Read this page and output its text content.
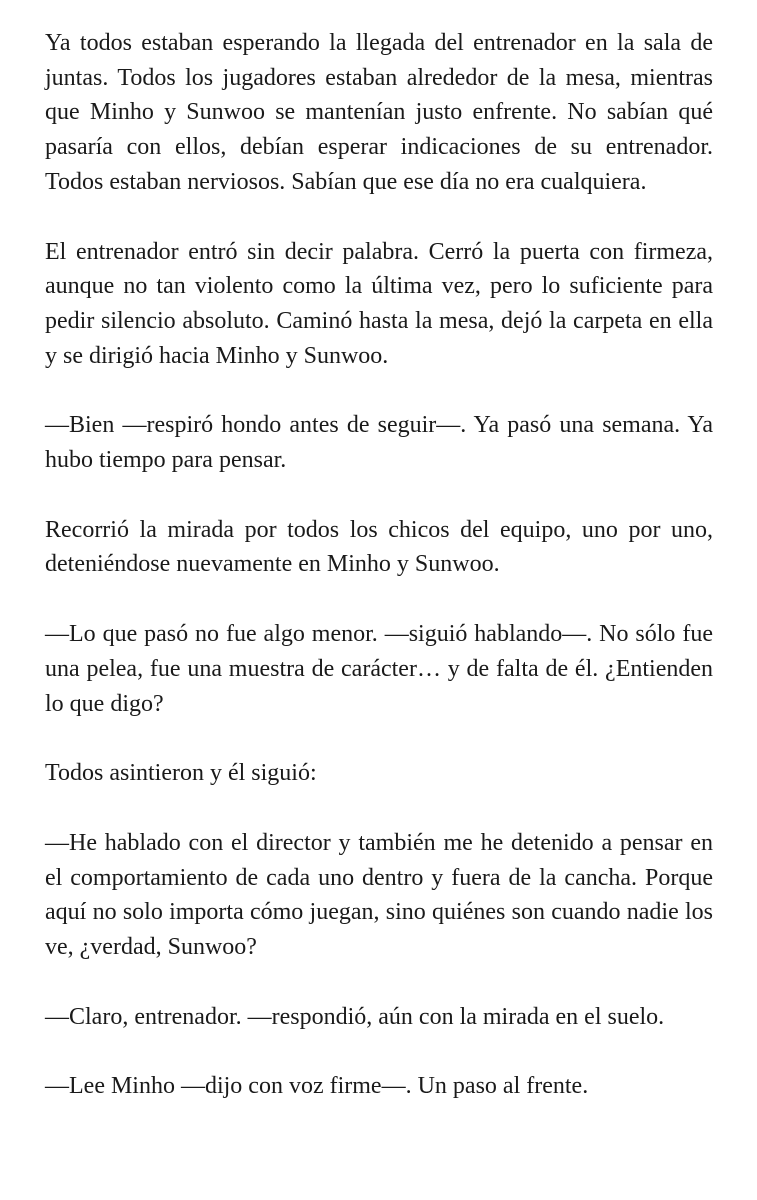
Ya todos estaban esperando la llegada del entrenador en la sala de juntas. Todos los jugadores estaban alrededor de la mesa, mientras que Minho y Sunwoo se mantenían justo enfrente. No sabían qué pasaría con ellos, debían esperar indicaciones de su entrenador. Todos estaban nerviosos. Sabían que ese día no era cualquiera.

El entrenador entró sin decir palabra. Cerró la puerta con firmeza, aunque no tan violento como la última vez, pero lo suficiente para pedir silencio absoluto. Caminó hasta la mesa, dejó la carpeta en ella y se dirigió hacia Minho y Sunwoo.

—Bien —respiró hondo antes de seguir—. Ya pasó una semana. Ya hubo tiempo para pensar.

Recorrió la mirada por todos los chicos del equipo, uno por uno, deteniéndose nuevamente en Minho y Sunwoo.

—Lo que pasó no fue algo menor. —siguió hablando—. No sólo fue una pelea, fue una muestra de carácter… y de falta de él. ¿Entienden lo que digo?

Todos asintieron y él siguió:

—He hablado con el director y también me he detenido a pensar en el comportamiento de cada uno dentro y fuera de la cancha. Porque aquí no solo importa cómo juegan, sino quiénes son cuando nadie los ve, ¿verdad, Sunwoo?

—Claro, entrenador. —respondió, aún con la mirada en el suelo.

—Lee Minho —dijo con voz firme—. Un paso al frente.
